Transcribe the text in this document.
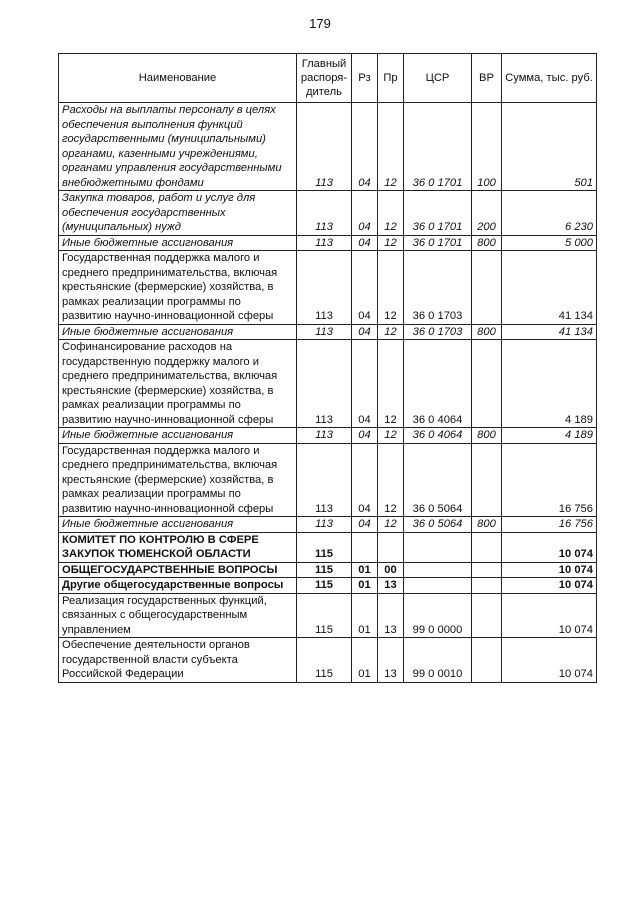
179
Наименование	Главный распоря-дитель	Рз	Пр	ЦСР	ВР	Сумма, тыс. руб.
Расходы на выплаты персоналу в целях обеспечения выполнения функций государственными (муниципальными) органами, казенными учреждениями, органами управления государственными внебюджетными фондами	113	04	12	36 0 1701	100	501
Закупка товаров, работ и услуг для обеспечения государственных (муниципальных) нужд	113	04	12	36 0 1701	200	6 230
Иные бюджетные ассигнования	113	04	12	36 0 1701	800	5 000
Государственная поддержка малого и среднего предпринимательства, включая крестьянские (фермерские) хозяйства, в рамках реализации программы по развитию научно-инновационной сферы	113	04	12	36 0 1703		41 134
Иные бюджетные ассигнования	113	04	12	36 0 1703	800	41 134
Софинансирование расходов на государственную поддержку малого и среднего предпринимательства, включая крестьянские (фермерские) хозяйства, в рамках реализации программы по развитию научно-инновационной сферы	113	04	12	36 0 4064		4 189
Иные бюджетные ассигнования	113	04	12	36 0 4064	800	4 189
Государственная поддержка малого и среднего предпринимательства, включая крестьянские (фермерские) хозяйства, в рамках реализации программы по развитию научно-инновационной сферы	113	04	12	36 0 5064		16 756
Иные бюджетные ассигнования	113	04	12	36 0 5064	800	16 756
КОМИТЕТ ПО КОНТРОЛЮ В СФЕРЕ ЗАКУПОК ТЮМЕНСКОЙ ОБЛАСТИ	115					10 074
ОБЩЕГОСУДАРСТВЕННЫЕ ВОПРОСЫ	115	01	00			10 074
Другие общегосударственные вопросы	115	01	13			10 074
Реализация государственных функций, связанных с общегосударственным управлением	115	01	13	99 0 0000		10 074
Обеспечение деятельности органов государственной власти субъекта Российской Федерации	115	01	13	99 0 0010		10 074
